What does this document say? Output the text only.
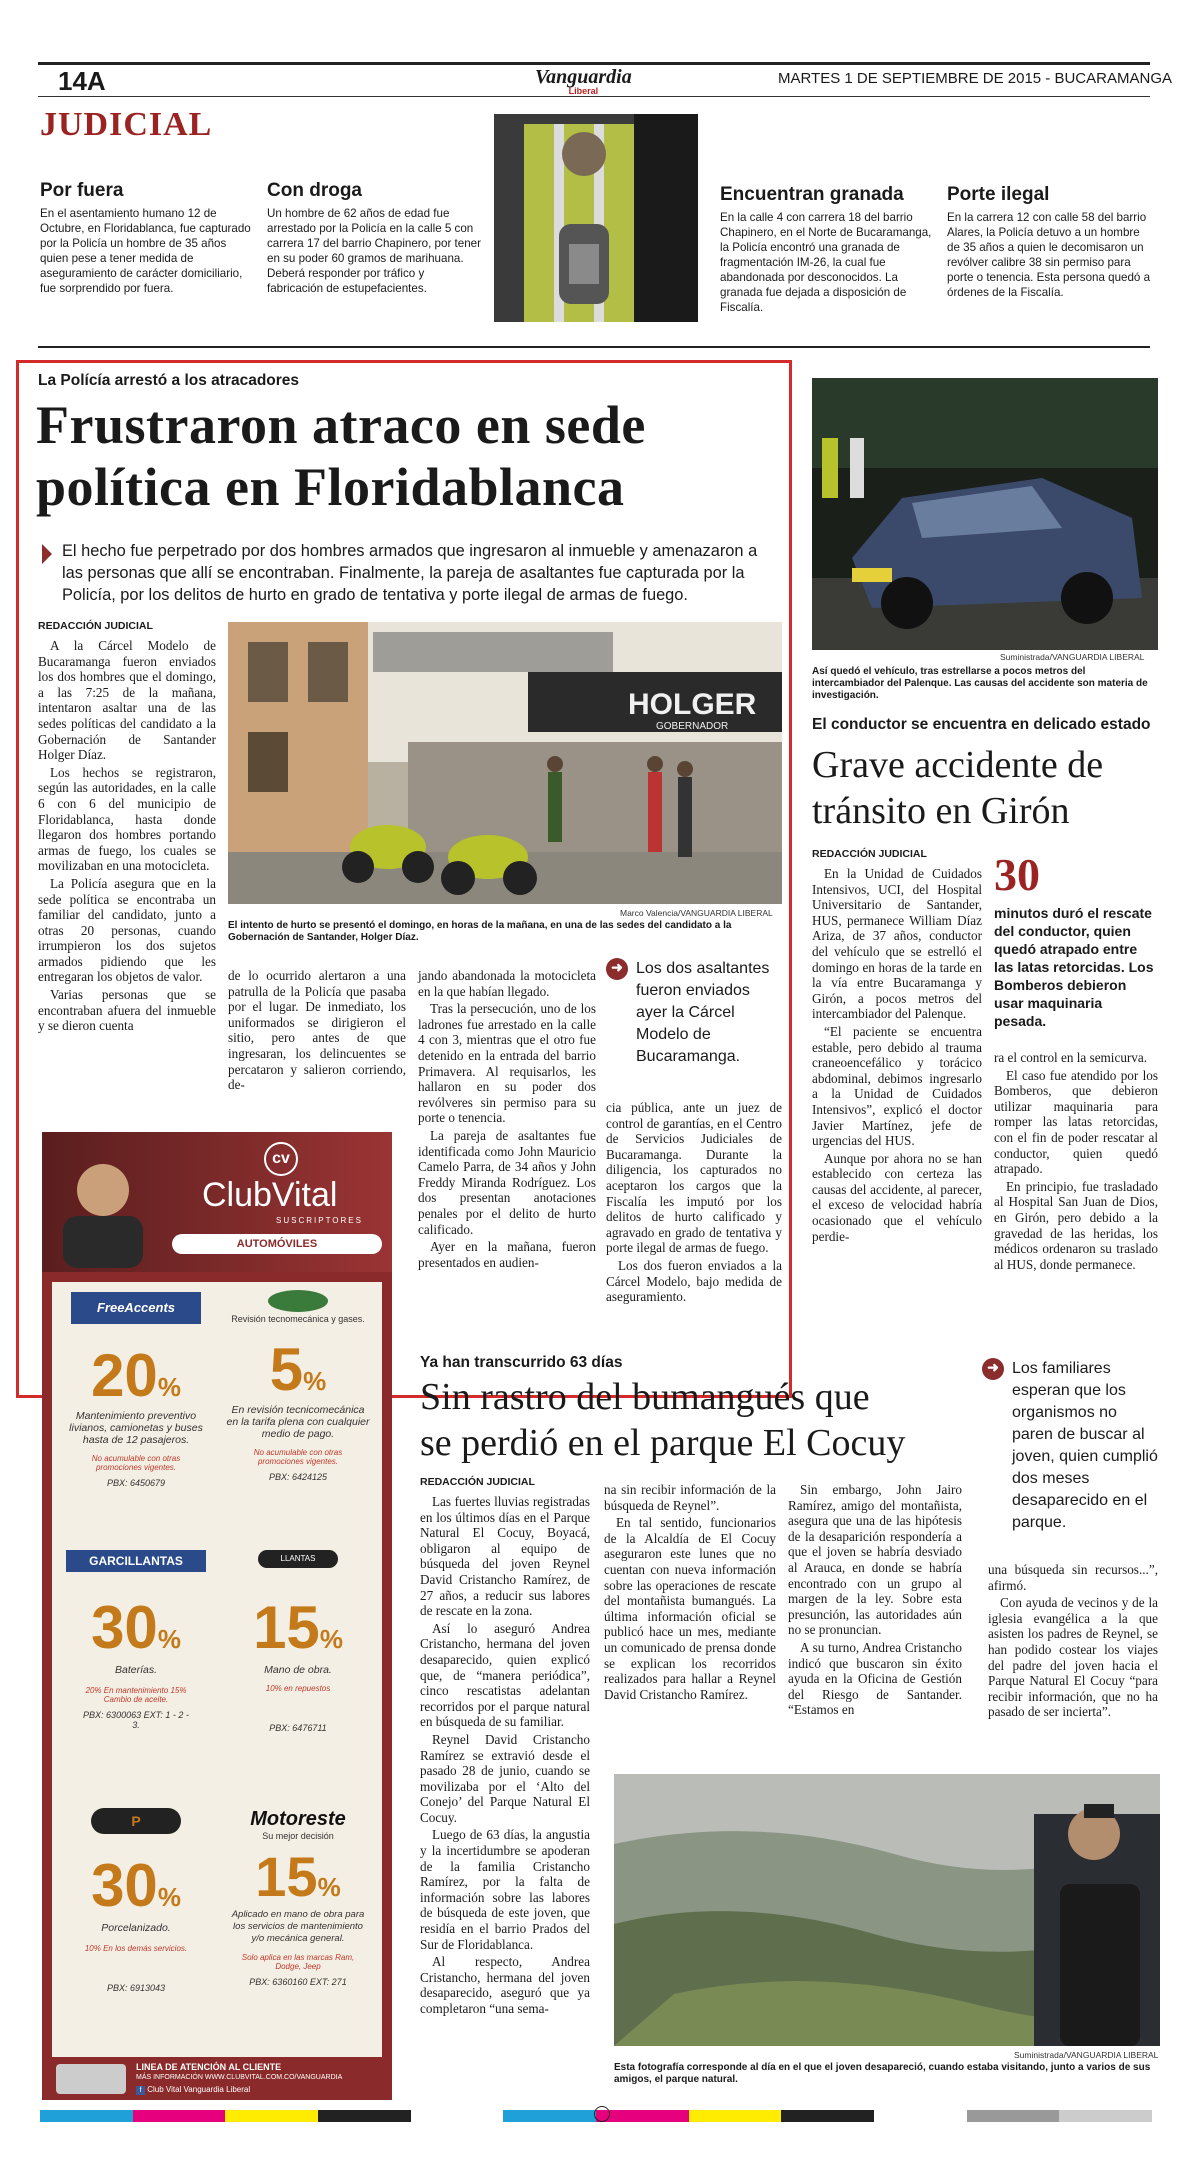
14A	Vanguardia
Liberal
MARTES 1 DE SEPTIEMBRE DE 2015 - BUCARAMANGA
JUDICIAL
Por fuera

En el asentamiento humano 12 de Octubre, en Floridablanca, fue capturado por la Policía un hombre de 35 años quien pese a tener medida de aseguramiento de carácter domiciliario, fue sorprendido por fuera.

Con droga

Un hombre de 62 años de edad fue arrestado por la Policía en la calle 5 con carrera 17 del barrio Chapinero, por tener en su poder 60 gramos de marihuana. Deberá responder por tráfico y fabricación de estupefacientes.

Encuentran granada

En la calle 4 con carrera 18 del barrio Chapinero, en el Norte de Bucaramanga, la Policía encontró una granada de fragmentación IM-26, la cual fue abandonada por desconocidos. La granada fue dejada a disposición de Fiscalía.

Porte ilegal

En la carrera 12 con calle 58 del barrio Alares, la Policía detuvo a un hombre de 35 años a quien le decomisaron un revólver calibre 38 sin permiso para porte o tenencia. Esta persona quedó a órdenes de la Fiscalía.

La Polícía arrestó a los atracadores
Frustraron atraco en sede
política en Floridablanca
El hecho fue perpetrado por dos hombres armados que ingresaron al inmueble y amenazaron a las personas que allí se encontraban. Finalmente, la pareja de asaltantes fue capturada por la Policía, por los delitos de hurto en grado de tentativa y porte ilegal de armas de fuego.
REDACCIÓN JUDICIAL

A la Cárcel Modelo de Bucaramanga fueron enviados los dos hombres que el domingo, a las 7:25 de la mañana, intentaron asaltar una de las sedes políticas del candidato a la Gobernación de Santander Holger Díaz.

Los hechos se registraron, según las autoridades, en la calle 6 con 6 del municipio de Floridablanca, hasta donde llegaron dos hombres portando armas de fuego, los cuales se movilizaban en una motocicleta.

La Policía asegura que en la sede política se encontraba un familiar del candidato, junto a otras 20 personas, cuando irrumpieron los dos sujetos armados pidiendo que les entregaran los objetos de valor.

Varias personas que se encontraban afuera del inmueble y se dieron cuenta

HOLGER
GOBERNADOR
Marco Valencia/VANGUARDIA LIBERAL
El intento de hurto se presentó el domingo, en horas de la mañana, en una de las sedes del candidato a la Gobernación de Santander, Holger Díaz.

de lo ocurrido alertaron a una patrulla de la Policía que pasaba por el lugar. De inmediato, los uniformados se dirigieron el sitio, pero antes de que ingresaran, los delincuentes se percataron y salieron corriendo, de-

jando abandonada la motocicleta en la que habían llegado.

Tras la persecución, uno de los ladrones fue arrestado en la calle 4 con 3, mientras que el otro fue detenido en la entrada del barrio Primavera. Al requisarlos, les hallaron en su poder dos revólveres sin permiso para su porte o tenencia.

La pareja de asaltantes fue identificada como John Mauricio Camelo Parra, de 34 años y John Freddy Miranda Rodríguez. Los dos presentan anotaciones penales por el delito de hurto calificado.

Ayer en la mañana, fueron presentados en audien-

➜ Los dos asaltantes fueron enviados ayer la Cárcel Modelo de Bucaramanga.

cia pública, ante un juez de control de garantías, en el Centro de Servicios Judiciales de Bucaramanga. Durante la diligencia, los capturados no aceptaron los cargos que la Fiscalía les imputó por los delitos de hurto calificado y agravado en grado de tentativa y porte ilegal de armas de fuego.

Los dos fueron enviados a la Cárcel Modelo, bajo medida de aseguramiento.

Suministrada/VANGUARDIA LIBERAL
Así quedó el vehículo, tras estrellarse a pocos metros del intercambiador del Palenque. Las causas del accidente son materia de investigación.
El conductor se encuentra en delicado estado
Grave accidente de
tránsito en Girón
REDACCIÓN JUDICIAL

En la Unidad de Cuidados Intensivos, UCI, del Hospital Universitario de Santander, HUS, permanece William Díaz Ariza, de 37 años, conductor del vehículo que se estrelló el domingo en horas de la tarde en la vía entre Bucaramanga y Girón, a pocos metros del intercambiador del Palenque.

“El paciente se encuentra estable, pero debido al trauma craneoencefálico y torácico abdominal, debimos ingresarlo a la Unidad de Cuidados Intensivos”, explicó el doctor Javier Martínez, jefe de urgencias del HUS.

Aunque por ahora no se han establecido con certeza las causas del accidente, al parecer, el exceso de velocidad habría ocasionado que el vehículo perdie-

30
minutos duró el rescate del conductor, quien quedó atrapado entre las latas retorcidas. Los Bomberos debieron usar maquinaria pesada.

ra el control en la semicurva.

El caso fue atendido por los Bomberos, que debieron utilizar maquinaria para romper las latas retorcidas, con el fin de poder rescatar al conductor, quien quedó atrapado.

En principio, fue trasladado al Hospital San Juan de Dios, en Girón, pero debido a la gravedad de las heridas, los médicos ordenaron su traslado al HUS, donde permanece.

cv
ClubVital
SUSCRIPTORES
AUTOMÓVILES
FreeAccents
20%
Mantenimiento preventivo livianos, camionetas y buses hasta de 12 pasajeros.
No acumulable con otras promociones vigentes.
PBX: 6450679
Revisión tecnomecánica y gases.
5%
En revisión tecnicomecánica en la tarifa plena con cualquier medio de pago.
No acumulable con otras promociones vigentes.
PBX: 6424125
GARCILLANTAS
30%
Baterías.
20% En mantenimiento 15% Cambio de aceite.
PBX: 6300063 EXT: 1 - 2 - 3.
LLANTAS
15%
Mano de obra.
10% en repuestos
PBX: 6476711
P
30%
Porcelanizado.
10% En los demás servicios.
PBX: 6913043
Motoreste
Su mejor decisión
15%
Aplicado en mano de obra para los servicios de mantenimiento y/o mecánica general.
Solo aplica en las marcas Ram, Dodge, Jeep
PBX: 6360160 EXT: 271
LINEA DE ATENCIÓN AL CLIENTE
MÁS INFORMACIÓN WWW.CLUBVITAL.COM.CO/VANGUARDIA
f Club Vital Vanguardia Liberal
Ya han transcurrido 63 días
Sin rastro del bumangués que
se perdió en el parque El Cocuy
REDACCIÓN JUDICIAL
➜ Los familiares esperan que los organismos no paren de buscar al joven, quien cumplió dos meses desaparecido en el parque.

Las fuertes lluvias registradas en los últimos días en el Parque Natural El Cocuy, Boyacá, obligaron al equipo de búsqueda del joven Reynel David Cristancho Ramírez, de 27 años, a reducir sus labores de rescate en la zona.

Así lo aseguró Andrea Cristancho, hermana del joven desaparecido, quien explicó que, de “manera periódica”, cinco rescatistas adelantan recorridos por el parque natural en búsqueda de su familiar.

Reynel David Cristancho Ramírez se extravió desde el pasado 28 de junio, cuando se movilizaba por el ‘Alto del Conejo’ del Parque Natural El Cocuy.

Luego de 63 días, la angustia y la incertidumbre se apoderan de la familia Cristancho Ramírez, por la falta de información sobre las labores de búsqueda de este joven, que residía en el barrio Prados del Sur de Floridablanca.

Al respecto, Andrea Cristancho, hermana del joven desaparecido, aseguró que ya completaron “una sema-

na sin recibir información de la búsqueda de Reynel”.

En tal sentido, funcionarios de la Alcaldía de El Cocuy aseguraron este lunes que no cuentan con nueva información sobre las operaciones de rescate del montañista bumangués. La última información oficial se publicó hace un mes, mediante un comunicado de prensa donde se explican los recorridos realizados para hallar a Reynel David Cristancho Ramírez.

Sin embargo, John Jairo Ramírez, amigo del montañista, asegura que una de las hipótesis de la desaparición respondería a que el joven se habría desviado al Arauca, en donde se habría encontrado con un grupo al margen de la ley. Sobre esta presunción, las autoridades aún no se pronuncian.

A su turno, Andrea Cristancho indicó que buscaron sin éxito ayuda en la Oficina de Gestión del Riesgo de Santander. “Estamos en

una búsqueda sin recursos...”, afirmó.

Con ayuda de vecinos y de la iglesia evangélica a la que asisten los padres de Reynel, se han podido costear los viajes del padre del joven hacia el Parque Natural El Cocuy “para recibir información, que no ha pasado de ser incierta”.

Suministrada/VANGUARDIA LIBERAL
Esta fotografía corresponde al día en el que el joven desapareció, cuando estaba visitando, junto a varios de sus amigos, el parque natural.
